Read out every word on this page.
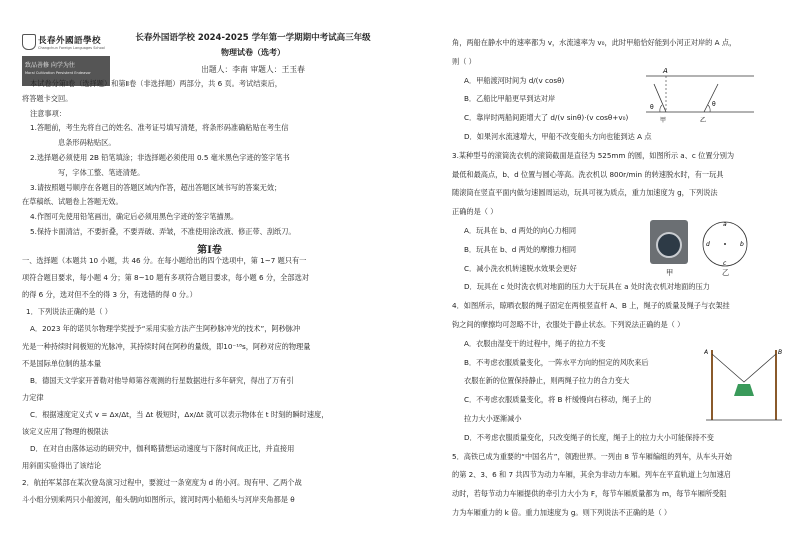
長春外國語學校
Changchun Foreign Languages School
致品善修 向学为往
Moral Cultivation Persistent Endeavor
长春外国语学校 2024-2025 学年第一学期期中考试高三年级
物理试卷（选考）
出题人：李南 审题人：王玉春
本试卷分第Ⅰ卷（选择题）和第Ⅱ卷（非选择题）两部分，共 6 页。考试结束后，
将答题卡交回。
注意事项：
1.答题前，考生先将自己的姓名、准考证号填写清楚，将条形码准确粘贴在考生信
息条形码粘贴区。
2.选择题必须使用 2B 铅笔填涂；非选择题必须使用 0.5 毫米黑色字迹的签字笔书
写，字体工整、笔迹清楚。
3.请按照题号顺序在各题目的答题区域内作答，超出答题区域书写的答案无效；
在草稿纸、试题卷上答题无效。
4.作图可先使用铅笔画出，确定后必须用黑色字迹的签字笔描黑。
5.保持卡面清洁，不要折叠，不要弄破、弄皱，不准使用涂改液、修正带、刮纸刀。
第Ⅰ卷
一、选择题（本题共 10 小题，共 46 分。在每小题给出的四个选项中，第 1~7 题只有一
项符合题目要求，每小题 4 分；第 8~10 题有多项符合题目要求，每小题 6 分，全部选对
的得 6 分，选对但不全的得 3 分，有选错的得 0 分。）
1．下列说法正确的是（ ）
A．2023 年的诺贝尔物理学奖授予“采用实验方法产生阿秒脉冲光的技术”，阿秒脉冲
光是一种持续时间极短的光脉冲，其持续时间在阿秒的量级，即10⁻¹⁸s，阿秒对应的物理量
不是国际单位制的基本量
B．德国天文学家开普勒对他导师第谷观测的行星数据进行多年研究，得出了万有引
力定律
C．根据速度定义式 v = Δx/Δt，当 Δt 极短时，Δx/Δt 就可以表示物体在 t 时刻的瞬时速度，
该定义应用了物理的极限法
D．在对自由落体运动的研究中，伽利略猜想运动速度与下落时间成正比，并直接用
用斜面实验得出了该结论
2．航拍军某部在某次登岛演习过程中，要渡过一条宽度为 d 的小河。现有甲、乙两个战
斗小组分别乘两只小船渡河，船头朝向如图所示，渡河时两小船船头与河岸夹角都是 θ
角，两船在静水中的速率都为 v，水流速率为 v₀，此时甲船恰好能到小河正对岸的 A 点，
则（ ）
A．甲船渡河时间为 d/(v cosθ)
B．乙船比甲船更早到达对岸
C．靠岸时两船间距增大了 d/(v sinθ)·(v cosθ+v₀)
D．如果河水流速增大，甲船不改变船头方向也能到达 A 点
3.某种型号的滚筒洗衣机的滚筒截面是直径为 525mm 的圆，如图所示 a、c 位置分别为
最低和最高点，b、d 位置与圆心等高。洗衣机以 800r/min 的转速脱水时，有一玩具
随滚筒在竖直平面内做匀速圆周运动，玩具可视为质点，重力加速度为 g，下列说法
正确的是（ ）
A．玩具在 b、d 两处的向心力相同
B．玩具在 b、d 两处的摩擦力相同
C．减小洗衣机转速脱水效果会更好
D．玩具在 c 处时洗衣机对地面的压力大于玩具在 a 处时洗衣机对地面的压力
4．如图所示，晾晒衣服的绳子固定在两根竖直杆 A、B 上，绳子的质量及绳子与衣架挂
钩之间的摩擦均可忽略不计，衣服处于静止状态。下列说法正确的是（ ）
A．衣服由湿变干的过程中，绳子的拉力不变
B．不考虑衣服质量变化，一阵水平方向的恒定的风吹来后
衣服在新的位置保持静止，则两绳子拉力的合力变大
C．不考虑衣服质量变化，将 B 杆缓慢向右移动，绳子上的
拉力大小逐渐减小
D．不考虑衣服质量变化，只改变绳子的长度，绳子上的拉力大小可能保持不变
5．高铁已成为重要的“中国名片”，领跑世界。一列由 8 节车厢编组的列车，从车头开始
的第 2、3、6 和 7 共四节为动力车厢，其余为非动力车厢。列车在平直轨道上匀加速启
动时，若每节动力车厢提供的牵引力大小为 F，每节车厢质量都为 m，每节车厢所受阻
力为车厢重力的 k 倍。重力加速度为 g。则下列说法不正确的是（ ）
A
θ	θ
甲	乙
a
b
c
d
甲	乙
A	B
